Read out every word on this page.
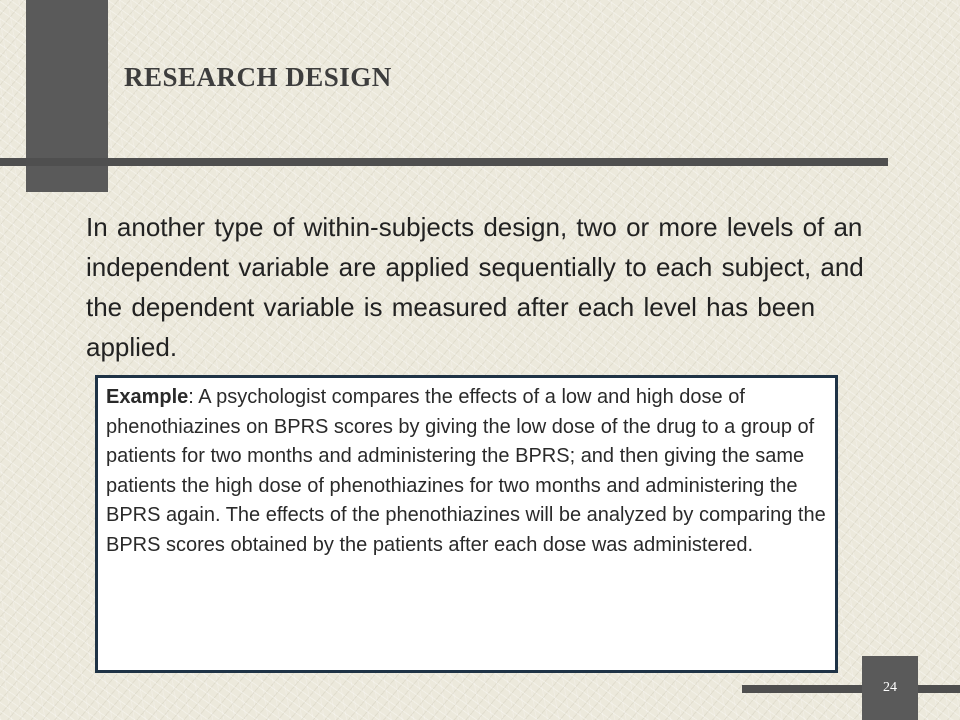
RESEARCH DESIGN

In another type of within-subjects design, two or more levels of an independent variable are applied sequentially to each subject, and the dependent variable is measured after each level has been applied.

Example: A psychologist compares the effects of a low and high dose of phenothiazines on BPRS scores by giving the low dose of the drug to a group of patients for two months and administering the BPRS; and then giving the same patients the high dose of phenothiazines for two months and administering the BPRS again. The effects of the phenothiazines will be analyzed by comparing the BPRS scores obtained by the patients after each dose was administered.

24
